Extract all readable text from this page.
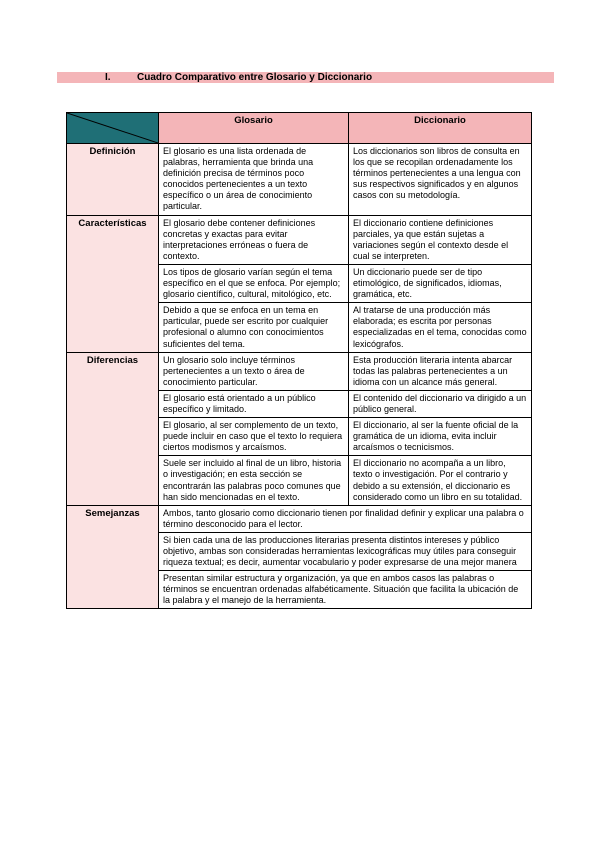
I.	Cuadro Comparativo entre Glosario y Diccionario
	Glosario	Diccionario
Definición	El glosario es una lista ordenada de palabras, herramienta que brinda una definición precisa de términos poco conocidos pertenecientes a un texto específico o un área de conocimiento particular.	Los diccionarios son libros de consulta en los que se recopilan ordenadamente los términos pertenecientes a una lengua con sus respectivos significados y en algunos casos con su metodología.
Características	El glosario debe contener definiciones concretas y exactas para evitar interpretaciones erróneas o fuera de contexto.	El diccionario contiene definiciones parciales, ya que están sujetas a variaciones según el contexto desde el cual se interpreten.
	Los tipos de glosario varían según el tema específico en el que se enfoca. Por ejemplo; glosario científico, cultural, mitológico, etc.	Un diccionario puede ser de tipo etimológico, de significados, idiomas, gramática, etc.
	Debido a que se enfoca en un tema en particular, puede ser escrito por cualquier profesional o alumno con conocimientos suficientes del tema.	Al tratarse de una producción más elaborada; es escrita por personas especializadas en el tema, conocidas como lexicógrafos.
Diferencias	Un glosario solo incluye términos pertenecientes a un texto o área de conocimiento particular.	Esta producción literaria intenta abarcar todas las palabras pertenecientes a un idioma con un alcance más general.
	El glosario está orientado a un público específico y limitado.	El contenido del diccionario va dirigido a un público general.
	El glosario, al ser complemento de un texto, puede incluir en caso que el texto lo requiera ciertos modismos y arcaísmos.	El diccionario, al ser la fuente oficial de la gramática de un idioma, evita incluir arcaísmos o tecnicismos.
	Suele ser incluido al final de un libro, historia o investigación; en esta sección se encontrarán las palabras poco comunes que han sido mencionadas en el texto.	El diccionario no acompaña a un libro, texto o investigación. Por el contrario y debido a su extensión, el diccionario es considerado como un libro en su totalidad.
Semejanzas	Ambos, tanto glosario como diccionario tienen por finalidad definir y explicar una palabra o término desconocido para el lector.	
	Si bien cada una de las producciones literarias presenta distintos intereses y público objetivo, ambas son consideradas herramientas lexicográficas muy útiles para conseguir riqueza textual; es decir, aumentar vocabulario y poder expresarse de una mejor manera	
	Presentan similar estructura y organización, ya que en ambos casos las palabras o términos se encuentran ordenadas alfabéticamente. Situación que facilita la ubicación de la palabra y el manejo de la herramienta.	
